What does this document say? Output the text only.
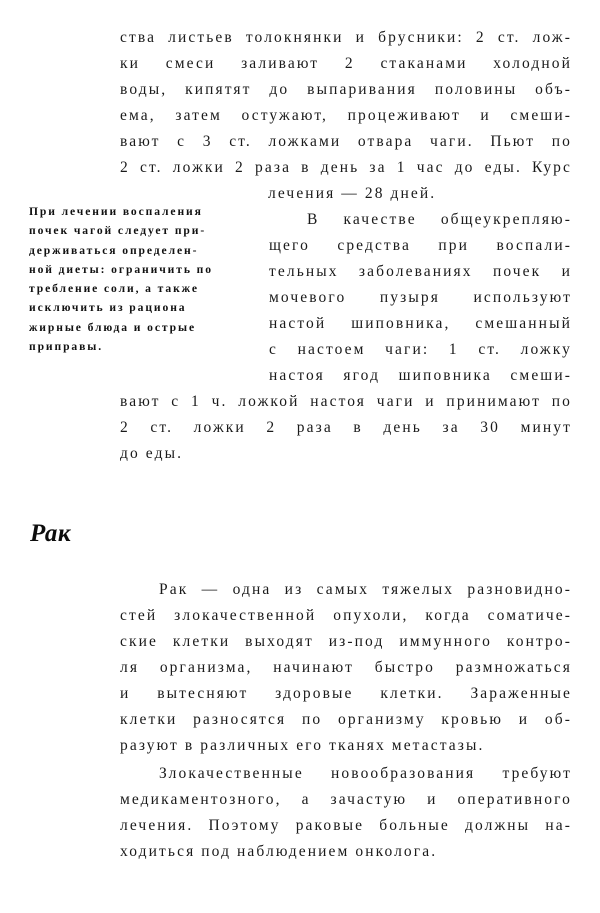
ства листьев толокнянки и брусники: 2 ст. лож-
ки смеси заливают 2 стаканами холодной
воды, кипятят до выпаривания половины объ-
ема, затем остужают, процеживают и смеши-
вают с 3 ст. ложками отвара чаги. Пьют по
2 ст. ложки 2 раза в день за 1 час до еды. Курс
лечения — 28 дней.
При лечении воспаления
почек чагой следует при-
держиваться определен-
ной диеты: ограничить по
требление соли, а также
исключить из рациона
жирные блюда и острые
приправы.
В качестве общеукрепляю-
щего средства при воспали-
тельных заболеваниях почек и
мочевого пузыря используют
настой шиповника, смешанный
с настоем чаги: 1 ст. ложку
настоя ягод шиповника смеши-
вают с 1 ч. ложкой настоя чаги и принимают по
2 ст. ложки 2 раза в день за 30 минут
до еды.
Рак
Рак — одна из самых тяжелых разновидно-
стей злокачественной опухоли, когда соматиче-
ские клетки выходят из-под иммунного контро-
ля организма, начинают быстро размножаться
и вытесняют здоровые клетки. Зараженные
клетки разносятся по организму кровью и об-
разуют в различных его тканях метастазы.
Злокачественные новообразования требуют
медикаментозного, а зачастую и оперативного
лечения. Поэтому раковые больные должны на-
ходиться под наблюдением онколога.
